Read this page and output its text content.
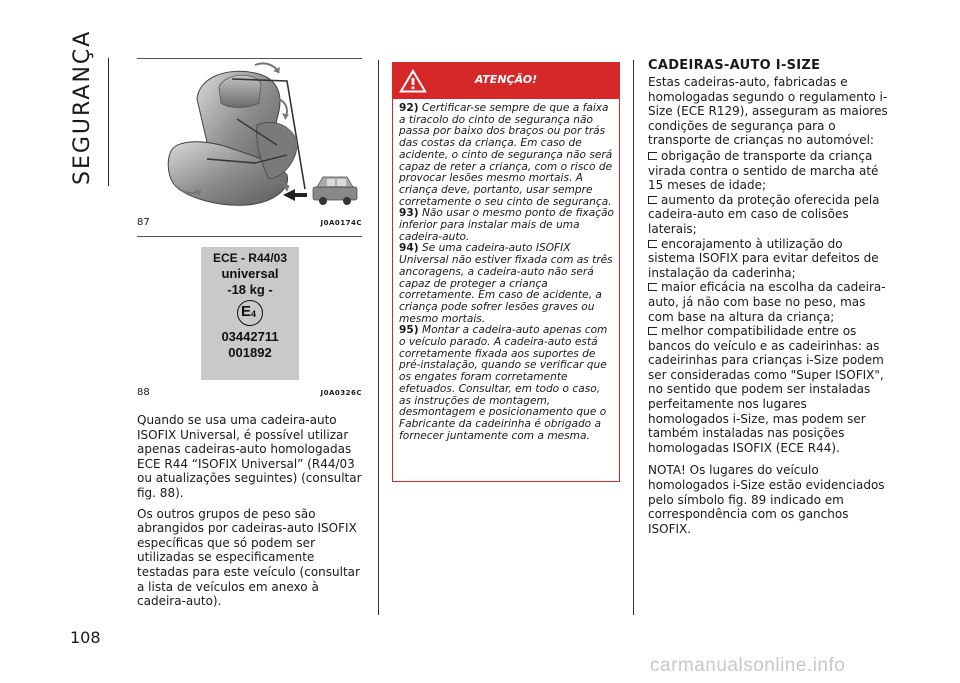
SEGURANÇA
108
87	J0A0174C
ECE - R44/03
universal
-18 kg -
E 4
03442711
001892
88	J0A0326C

Quando se usa uma cadeira-auto ISOFIX Universal, é possível utilizar apenas cadeiras-auto homologadas ECE R44 “ISOFIX Universal” (R44/03 ou atualizações seguintes) (consultar fig. 88).

Os outros grupos de peso são abrangidos por cadeiras-auto ISOFIX específicas que só podem ser utilizadas se especificamente testadas para este veículo (consultar a lista de veículos em anexo à cadeira-auto).

ATENÇÃO!

92) Certificar-se sempre de que a faixa a tiracolo do cinto de segurança não passa por baixo dos braços ou por trás das costas da criança. Em caso de acidente, o cinto de segurança não será capaz de reter a criança, com o risco de provocar lesões mesmo mortais. A criança deve, portanto, usar sempre corretamente o seu cinto de segurança.

93) Não usar o mesmo ponto de fixação inferior para instalar mais de uma cadeira-auto.

94) Se uma cadeira-auto ISOFIX Universal não estiver fixada com as três ancoragens, a cadeira-auto não será capaz de proteger a criança corretamente. Em caso de acidente, a criança pode sofrer lesões graves ou mesmo mortais.

95) Montar a cadeira-auto apenas com o veículo parado. A cadeira-auto está corretamente fixada aos suportes de pré-instalação, quando se verificar que os engates foram corretamente efetuados. Consultar, em todo o caso, as instruções de montagem, desmontagem e posicionamento que o Fabricante da cadeirinha é obrigado a fornecer juntamente com a mesma.

CADEIRAS-AUTO I-SIZE

Estas cadeiras-auto, fabricadas e homologadas segundo o regulamento i-Size (ECE R129), asseguram as maiores condições de segurança para o transporte de crianças no automóvel:

obrigação de transporte da criança virada contra o sentido de marcha até 15 meses de idade;
aumento da proteção oferecida pela cadeira-auto em caso de colisões laterais;
encorajamento à utilização do sistema ISOFIX para evitar defeitos de instalação da caderinha;
maior eficácia na escolha da cadeira-auto, já não com base no peso, mas com base na altura da criança;
melhor compatibilidade entre os bancos do veículo e as cadeirinhas: as cadeirinhas para crianças i-Size podem ser consideradas como "Super ISOFIX", no sentido que podem ser instaladas perfeitamente nos lugares homologados i-Size, mas podem ser também instaladas nas posições homologadas ISOFIX (ECE R44).

NOTA! Os lugares do veículo homologados i-Size estão evidenciados pelo símbolo fig. 89 indicado em correspondência com os ganchos ISOFIX.

carmanualsonline.info
